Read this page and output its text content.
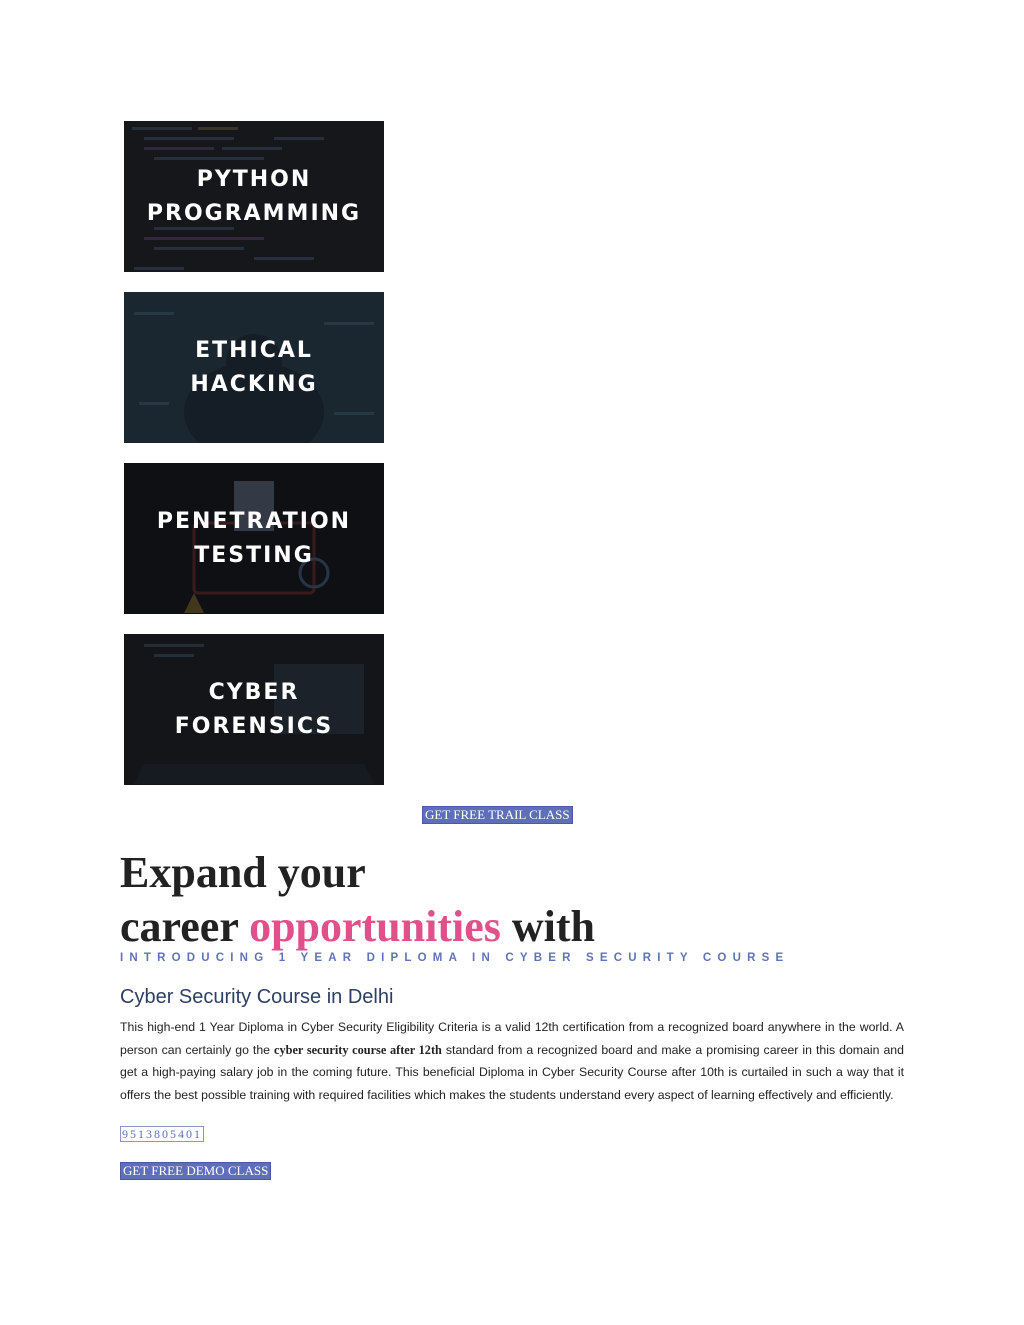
PYTHON
PROGRAMMING
ETHICAL
HACKING
PENETRATION
TESTING
CYBER
FORENSICS
GET FREE TRAIL CLASS
Expand your
career opportunities with
INTRODUCING 1 YEAR DIPLOMA IN CYBER SECURITY COURSE
Cyber Security Course in Delhi

This high-end 1 Year Diploma in Cyber Security Eligibility Criteria is a valid 12th certification from a recognized board anywhere in the world. A person can certainly go the cyber security course after 12th standard from a recognized board and make a promising career in this domain and get a high-paying salary job in the coming future. This beneficial Diploma in Cyber Security Course after 10th is curtailed in such a way that it offers the best possible training with required facilities which makes the students understand every aspect of learning effectively and efficiently.

9513805401
GET FREE DEMO CLASS
